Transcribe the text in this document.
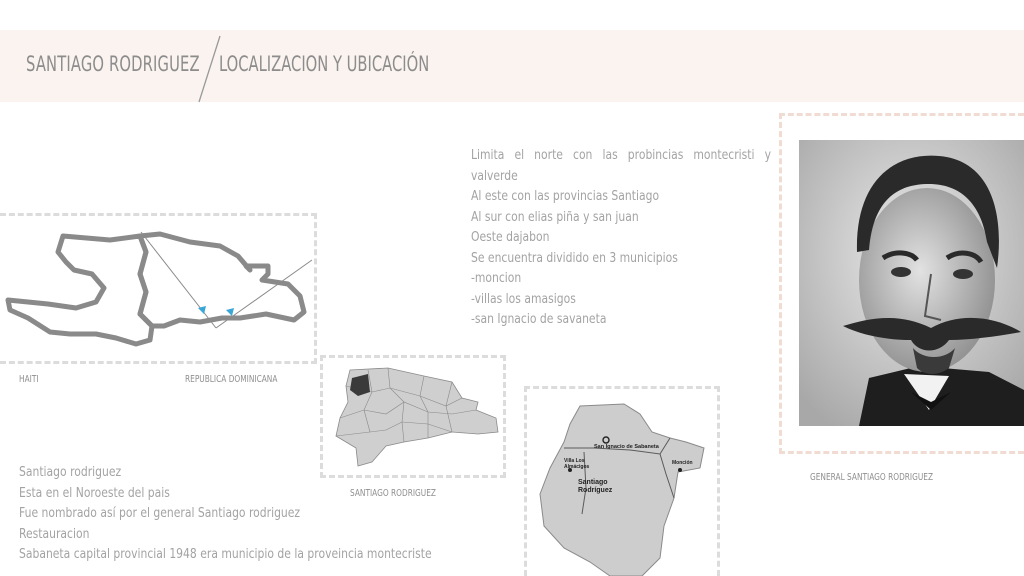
SANTIAGO RODRIGUEZ LOCALIZACION Y UBICACIÓN
Limita el norte con las probincias montecristi y
valverde
Al este con las provincias Santiago
Al sur con elias piña y san juan
Oeste dajabon
Se encuentra dividido en 3 municipios
-moncion
-villas los amasigos
-san Ignacio de savaneta
HAITI	REPUBLICA DOMINICANA
Santiago rodriguez
Esta en el Noroeste del pais
Fue nombrado así por el general Santiago rodriguez
Restauracion
Sabaneta capital provincial 1948 era municipio de la proveincia montecriste
SANTIAGO RODRIGUEZ
San Ignacio de Sabaneta
Villa Los
Almácigos
Santiago
Rodríguez
Monción
GENERAL SANTIAGO RODRIGUEZ
